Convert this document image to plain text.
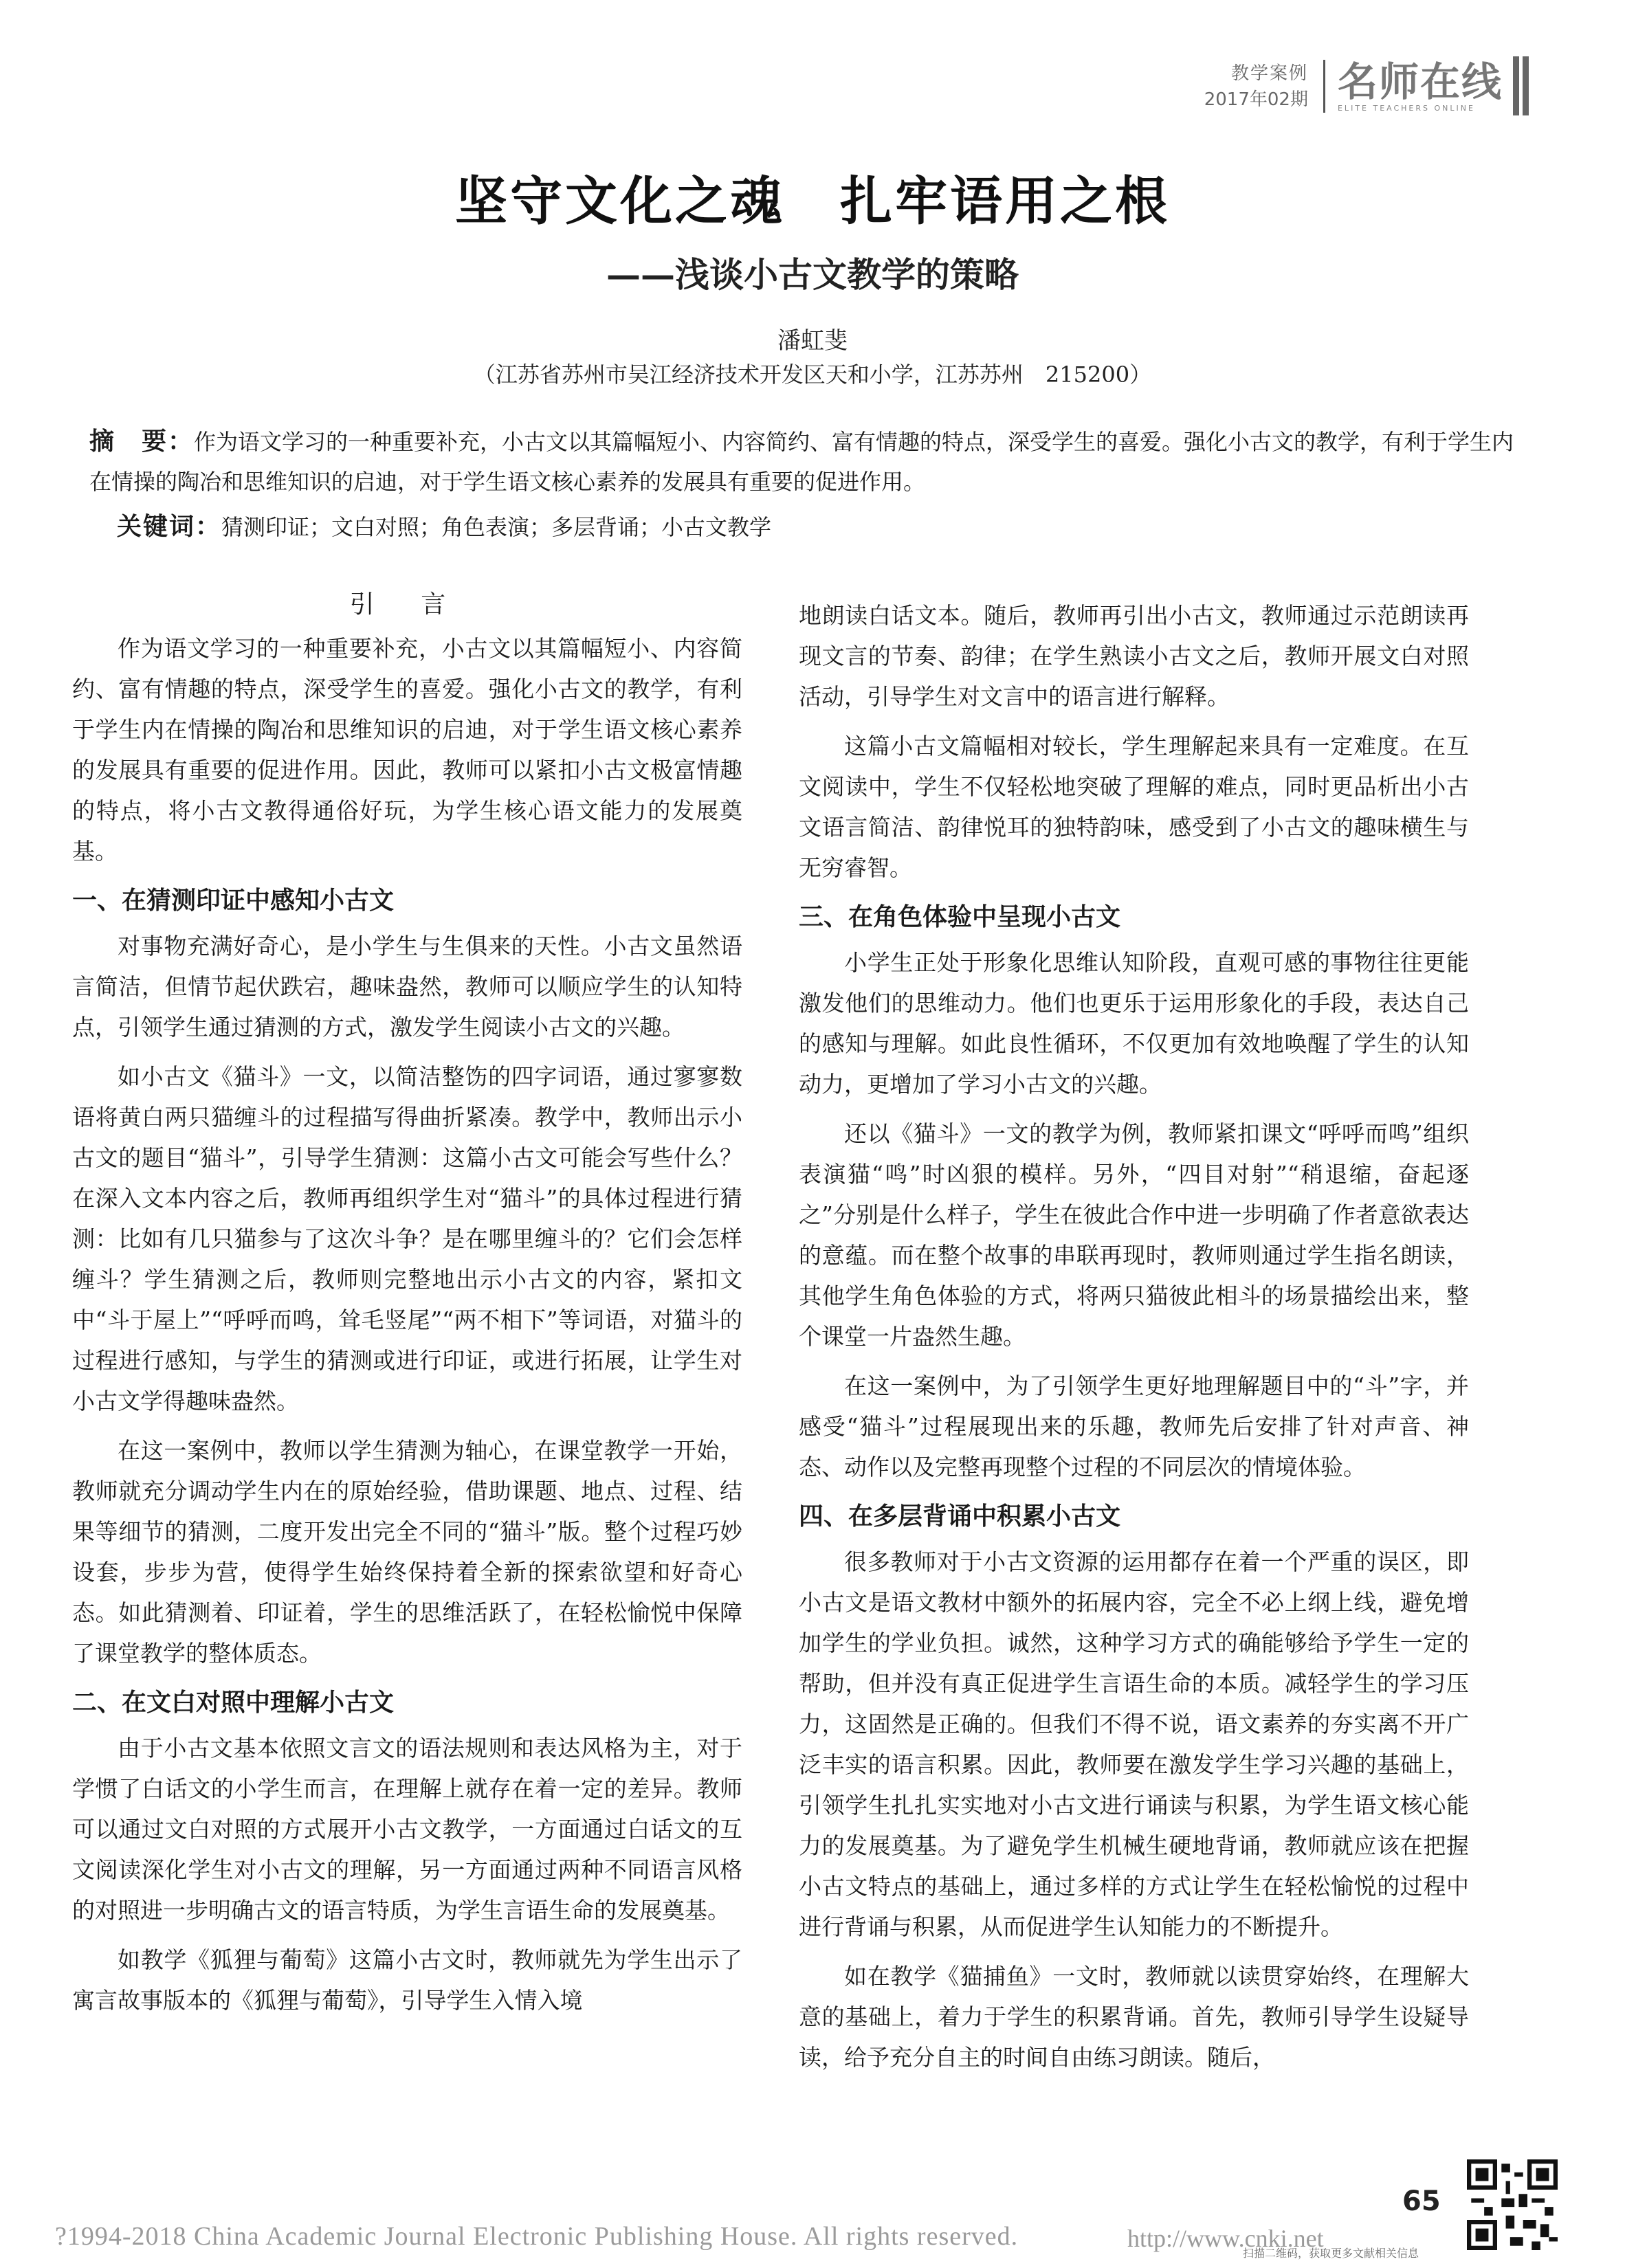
教学案例
2017年02期 名师在线
ELITE TEACHERS ONLINE
坚守文化之魂　扎牢语用之根
——浅谈小古文教学的策略
潘虹斐
（江苏省苏州市吴江经济技术开发区天和小学，江苏苏州　215200）
摘　要：作为语文学习的一种重要补充，小古文以其篇幅短小、内容简约、富有情趣的特点，深受学生的喜爱。强化小古文的教学，有利于学生内在情操的陶冶和思维知识的启迪，对于学生语文核心素养的发展具有重要的促进作用。
关键词：猜测印证；文白对照；角色表演；多层背诵；小古文教学
引 言

作为语文学习的一种重要补充，小古文以其篇幅短小、内容简约、富有情趣的特点，深受学生的喜爱。强化小古文的教学，有利于学生内在情操的陶冶和思维知识的启迪，对于学生语文核心素养的发展具有重要的促进作用。因此，教师可以紧扣小古文极富情趣的特点，将小古文教得通俗好玩，为学生核心语文能力的发展奠基。

一、在猜测印证中感知小古文

对事物充满好奇心，是小学生与生俱来的天性。小古文虽然语言简洁，但情节起伏跌宕，趣味盎然，教师可以顺应学生的认知特点，引领学生通过猜测的方式，激发学生阅读小古文的兴趣。

如小古文《猫斗》一文，以简洁整饬的四字词语，通过寥寥数语将黄白两只猫缠斗的过程描写得曲折紧凑。教学中，教师出示小古文的题目“猫斗”，引导学生猜测：这篇小古文可能会写些什么？在深入文本内容之后，教师再组织学生对“猫斗”的具体过程进行猜测：比如有几只猫参与了这次斗争？是在哪里缠斗的？它们会怎样缠斗？学生猜测之后，教师则完整地出示小古文的内容，紧扣文中“斗于屋上”“呼呼而鸣，耸毛竖尾”“两不相下”等词语，对猫斗的过程进行感知，与学生的猜测或进行印证，或进行拓展，让学生对小古文学得趣味盎然。

在这一案例中，教师以学生猜测为轴心，在课堂教学一开始，教师就充分调动学生内在的原始经验，借助课题、地点、过程、结果等细节的猜测，二度开发出完全不同的“猫斗”版。整个过程巧妙设套，步步为营，使得学生始终保持着全新的探索欲望和好奇心态。如此猜测着、印证着，学生的思维活跃了，在轻松愉悦中保障了课堂教学的整体质态。

二、在文白对照中理解小古文

由于小古文基本依照文言文的语法规则和表达风格为主，对于学惯了白话文的小学生而言，在理解上就存在着一定的差异。教师可以通过文白对照的方式展开小古文教学，一方面通过白话文的互文阅读深化学生对小古文的理解，另一方面通过两种不同语言风格的对照进一步明确古文的语言特质，为学生言语生命的发展奠基。

如教学《狐狸与葡萄》这篇小古文时，教师就先为学生出示了寓言故事版本的《狐狸与葡萄》，引导学生入情入境

地朗读白话文本。随后，教师再引出小古文，教师通过示范朗读再现文言的节奏、韵律；在学生熟读小古文之后，教师开展文白对照活动，引导学生对文言中的语言进行解释。

这篇小古文篇幅相对较长，学生理解起来具有一定难度。在互文阅读中，学生不仅轻松地突破了理解的难点，同时更品析出小古文语言简洁、韵律悦耳的独特韵味，感受到了小古文的趣味横生与无穷睿智。

三、在角色体验中呈现小古文

小学生正处于形象化思维认知阶段，直观可感的事物往往更能激发他们的思维动力。他们也更乐于运用形象化的手段，表达自己的感知与理解。如此良性循环，不仅更加有效地唤醒了学生的认知动力，更增加了学习小古文的兴趣。

还以《猫斗》一文的教学为例，教师紧扣课文“呼呼而鸣”组织表演猫“鸣”时凶狠的模样。另外，“四目对射”“稍退缩，奋起逐之”分别是什么样子，学生在彼此合作中进一步明确了作者意欲表达的意蕴。而在整个故事的串联再现时，教师则通过学生指名朗读，其他学生角色体验的方式，将两只猫彼此相斗的场景描绘出来，整个课堂一片盎然生趣。

在这一案例中，为了引领学生更好地理解题目中的“斗”字，并感受“猫斗”过程展现出来的乐趣，教师先后安排了针对声音、神态、动作以及完整再现整个过程的不同层次的情境体验。

四、在多层背诵中积累小古文

很多教师对于小古文资源的运用都存在着一个严重的误区，即小古文是语文教材中额外的拓展内容，完全不必上纲上线，避免增加学生的学业负担。诚然，这种学习方式的确能够给予学生一定的帮助，但并没有真正促进学生言语生命的本质。减轻学生的学习压力，这固然是正确的。但我们不得不说，语文素养的夯实离不开广泛丰实的语言积累。因此，教师要在激发学生学习兴趣的基础上，引领学生扎扎实实地对小古文进行诵读与积累，为学生语文核心能力的发展奠基。为了避免学生机械生硬地背诵，教师就应该在把握小古文特点的基础上，通过多样的方式让学生在轻松愉悦的过程中进行背诵与积累，从而促进学生认知能力的不断提升。

如在教学《猫捕鱼》一文时，教师就以读贯穿始终，在理解大意的基础上，着力于学生的积累背诵。首先，教师引导学生设疑导读，给予充分自主的时间自由练习朗读。随后，

65
?1994-2018 China Academic Journal Electronic Publishing House. All rights reserved.	http://www.cnki.net
扫描二维码，获取更多文献相关信息
